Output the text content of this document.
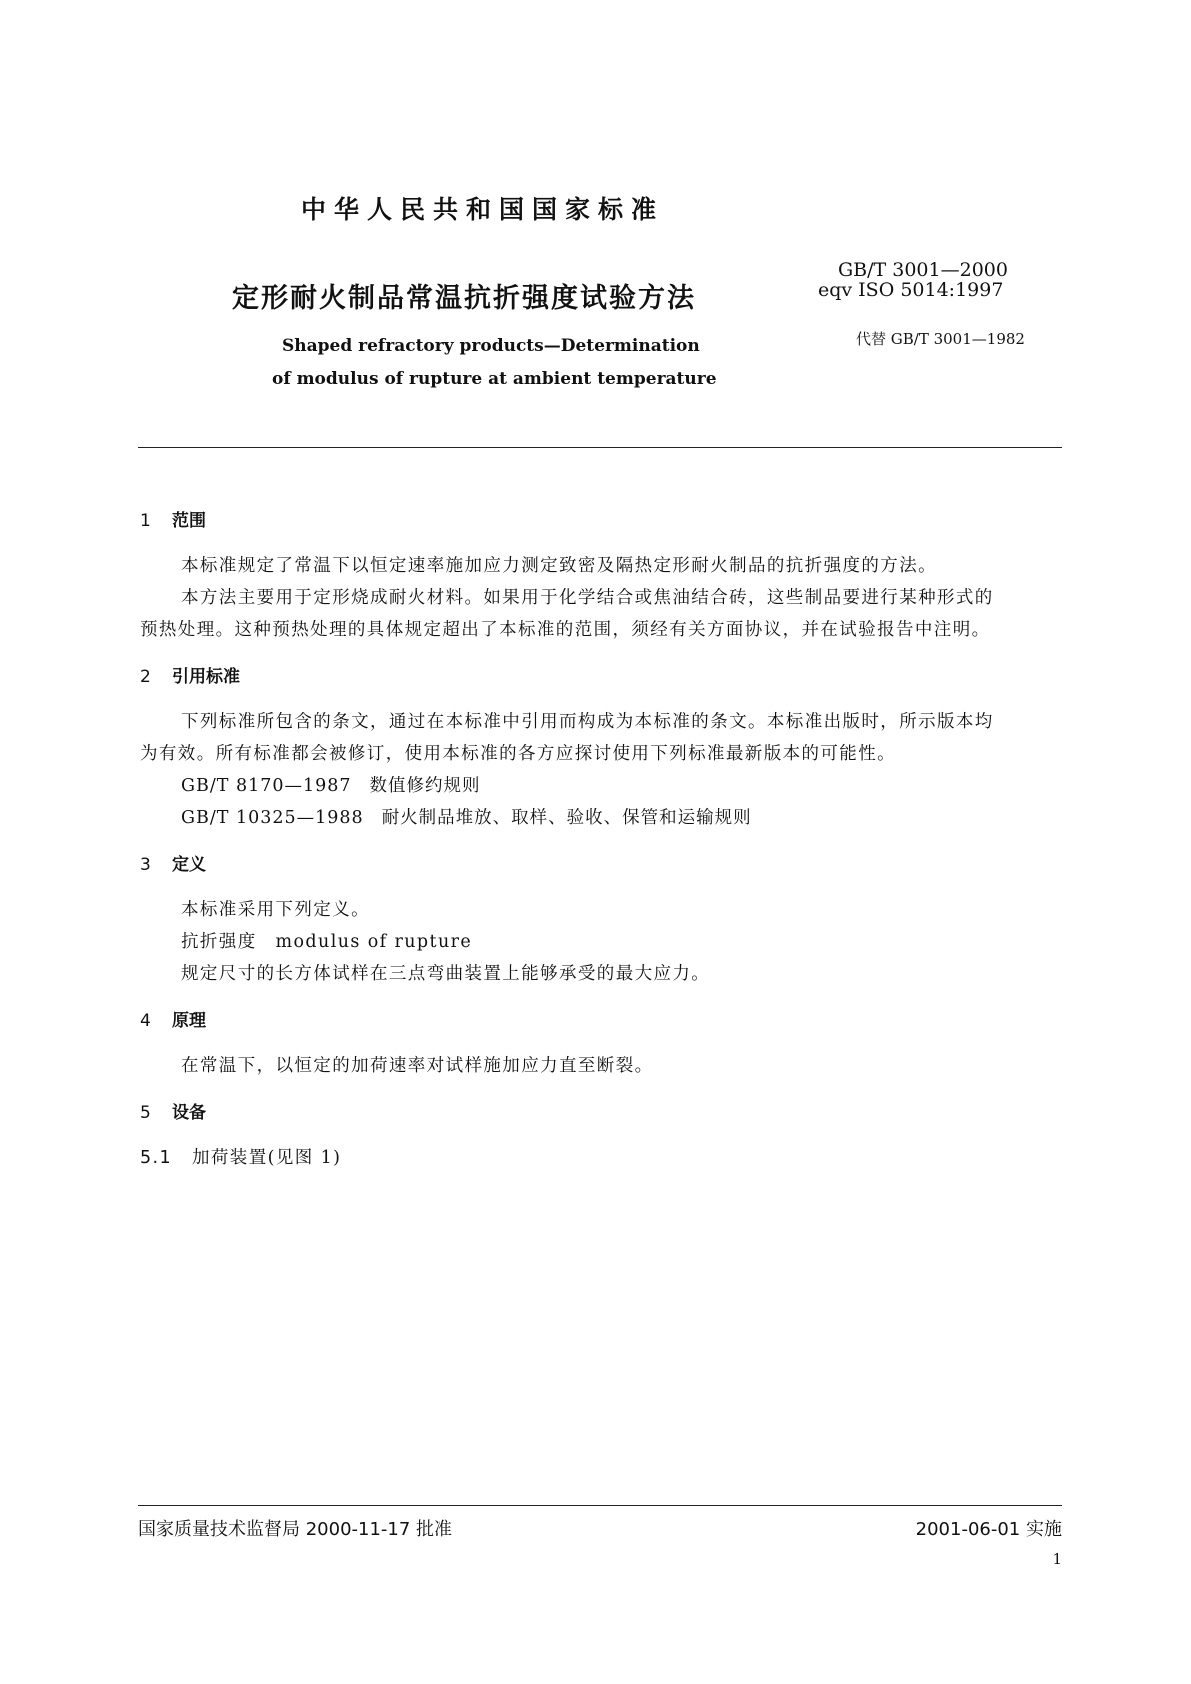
中华人民共和国国家标准
定形耐火制品常温抗折强度试验方法
GB/T 3001—2000
eqv ISO 5014:1997
代替 GB/T 3001—1982
Shaped refractory products—Determination
of modulus of rupture at ambient temperature
1 范围
本标准规定了常温下以恒定速率施加应力测定致密及隔热定形耐火制品的抗折强度的方法。
本方法主要用于定形烧成耐火材料。如果用于化学结合或焦油结合砖，这些制品要进行某种形式的
预热处理。这种预热处理的具体规定超出了本标准的范围，须经有关方面协议，并在试验报告中注明。
2 引用标准
下列标准所包含的条文，通过在本标准中引用而构成为本标准的条文。本标准出版时，所示版本均
为有效。所有标准都会被修订，使用本标准的各方应探讨使用下列标准最新版本的可能性。
GB/T 8170—1987 数值修约规则
GB/T 10325—1988 耐火制品堆放、取样、验收、保管和运输规则
3 定义
本标准采用下列定义。
抗折强度　modulus of rupture
规定尺寸的长方体试样在三点弯曲装置上能够承受的最大应力。
4 原理
在常温下，以恒定的加荷速率对试样施加应力直至断裂。
5 设备
5.1 加荷装置(见图 1)
国家质量技术监督局 2000-11-17 批准	2001-06-01 实施
1
